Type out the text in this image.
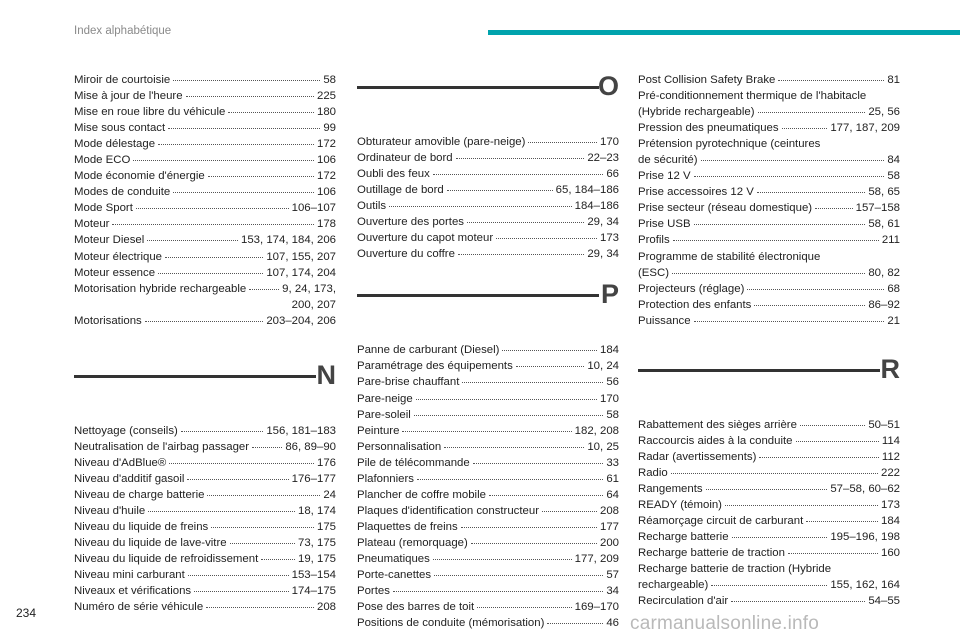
Index alphabétique
Miroir de courtoisie	58
Mise à jour de l'heure	225
Mise en roue libre du véhicule	180
Mise sous contact	99
Mode délestage	172
Mode ECO	106
Mode économie d'énergie	172
Modes de conduite	106
Mode Sport	106–107
Moteur	178
Moteur Diesel	153, 174, 184, 206
Moteur électrique	107, 155, 207
Moteur essence	107, 174, 204
Motorisation hybride rechargeable	9, 24, 173,
200, 207
Motorisations	203–204, 206
N
Nettoyage (conseils)	156, 181–183
Neutralisation de l'airbag passager	86, 89–90
Niveau d'AdBlue®	176
Niveau d'additif gasoil	176–177
Niveau de charge batterie	24
Niveau d'huile	18, 174
Niveau du liquide de freins	175
Niveau du liquide de lave-vitre	73, 175
Niveau du liquide de refroidissement	19, 175
Niveau mini carburant	153–154
Niveaux et vérifications	174–175
Numéro de série véhicule	208
O
Obturateur amovible (pare-neige)	170
Ordinateur de bord	22–23
Oubli des feux	66
Outillage de bord	65, 184–186
Outils	184–186
Ouverture des portes	29, 34
Ouverture du capot moteur	173
Ouverture du coffre	29, 34
P
Panne de carburant (Diesel)	184
Paramétrage des équipements	10, 24
Pare-brise chauffant	56
Pare-neige	170
Pare-soleil	58
Peinture	182, 208
Personnalisation	10, 25
Pile de télécommande	33
Plafonniers	61
Plancher de coffre mobile	64
Plaques d'identification constructeur	208
Plaquettes de freins	177
Plateau (remorquage)	200
Pneumatiques	177, 209
Porte-canettes	57
Portes	34
Pose des barres de toit	169–170
Positions de conduite (mémorisation)	46
Post Collision Safety Brake	81
Pré-conditionnement thermique de l'habitacle
(Hybride rechargeable)	25, 56
Pression des pneumatiques	177, 187, 209
Prétension pyrotechnique (ceintures
de sécurité)	84
Prise 12 V	58
Prise accessoires 12 V	58, 65
Prise secteur (réseau domestique)	157–158
Prise USB	58, 61
Profils	211
Programme de stabilité électronique
(ESC)	80, 82
Projecteurs (réglage)	68
Protection des enfants	86–92
Puissance	21
R
Rabattement des sièges arrière	50–51
Raccourcis aides à la conduite	114
Radar (avertissements)	112
Radio	222
Rangements	57–58, 60–62
READY (témoin)	173
Réamorçage circuit de carburant	184
Recharge batterie	195–196, 198
Recharge batterie de traction	160
Recharge batterie de traction (Hybride
rechargeable)	155, 162, 164
Recirculation d'air	54–55
234	carmanualsonline.info
